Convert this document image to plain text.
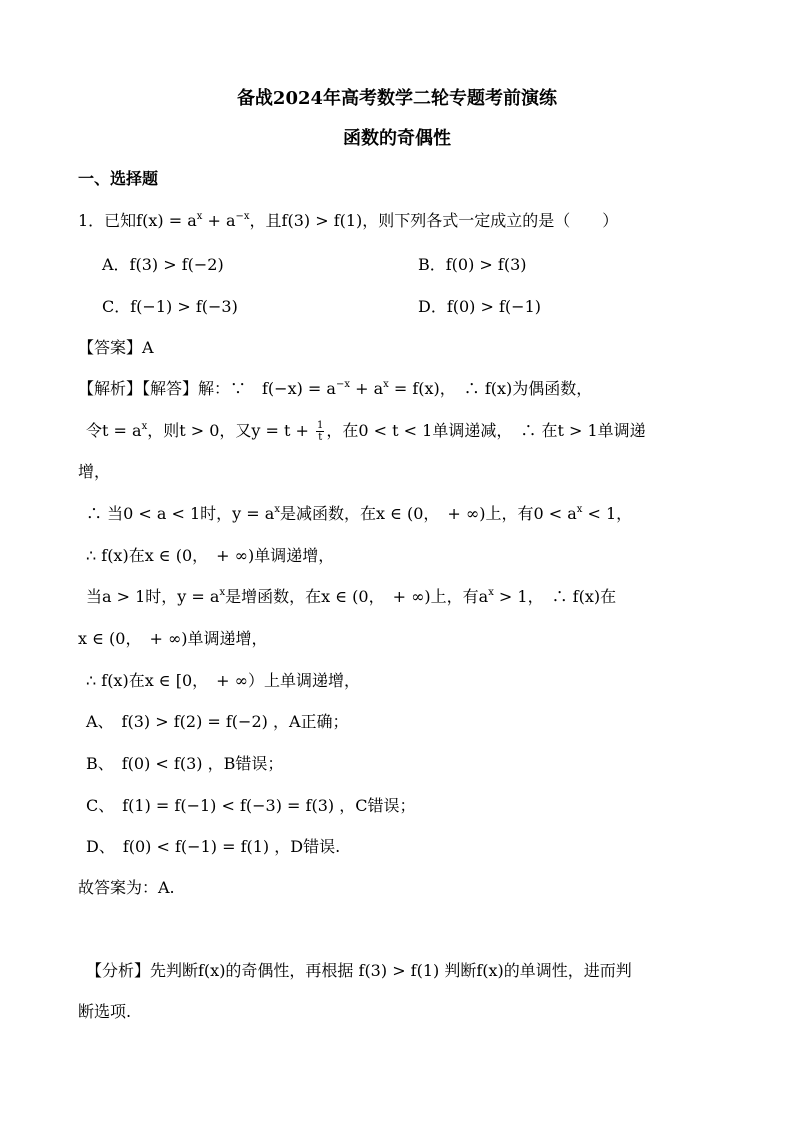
备战2024年高考数学二轮专题考前演练
函数的奇偶性
一、选择题
1．已知$f(x) = a^x + a^{-x}$，且f(3) > f(1)，则下列各式一定成立的是（　　）
A．f(3) > f(−2)	B．f(0) > f(3)
C．f(−1) > f(−3)	D．f(0) > f(−1)
【答案】A
【解析】【解答】解：∵　$f(-x) = a^{-x} + a^x = f(x)$，　∴ f(x)为偶函数，
令$t = a^x$，则t > 0，又$y = t + \frac{1}{t}$ ，在0 < t < 1单调递减，　∴ 在t > 1单调递
增，
∴ 当0 < a < 1时，$y = a^x$是减函数，在x ∈ (0，　+ ∞)上，有$0 < a^x < 1$，
∴ f(x)在x ∈ (0，　+ ∞)单调递增，
当a > 1时，$y = a^x$是增函数，在x ∈ (0，　+ ∞)上，有$a^x > 1$，　∴ f(x)在
x ∈ (0，　+ ∞)单调递增，
∴ f(x)在x ∈ [0，　+ ∞）上单调递增，
A、　f(3) > f(2) = f(−2) ，A正确；
B、　f(0) < f(3) ，B错误；
C、　f(1) = f(−1) < f(−3) = f(3) ，C错误；
D、　f(0) < f(−1) = f(1) ，D错误.
故答案为：A.
【分析】先判断f(x)的奇偶性，再根据 f(3) > f(1) 判断f(x)的单调性，进而判
断选项.
